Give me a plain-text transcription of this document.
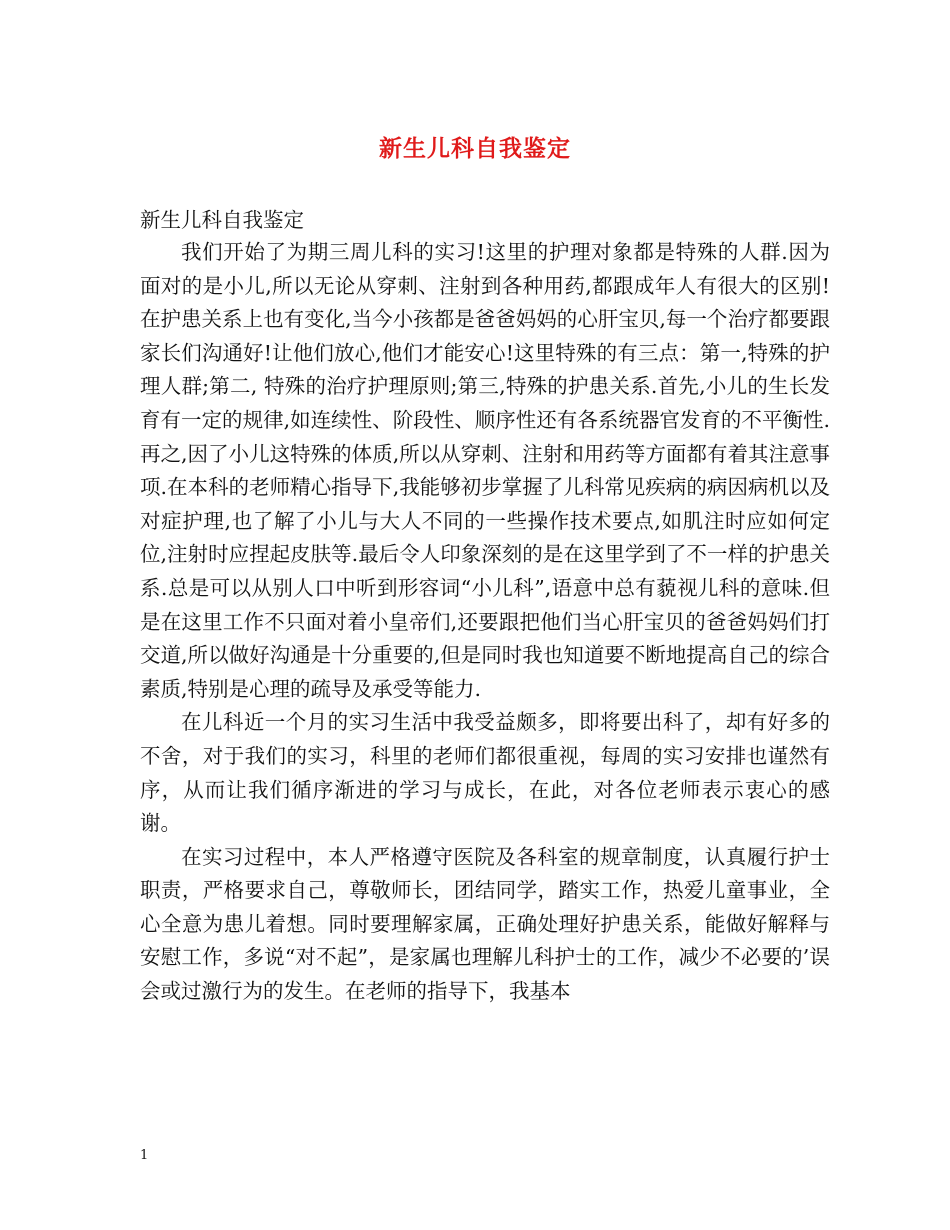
新生儿科自我鉴定

新生儿科自我鉴定

我们开始了为期三周儿科的实习!这里的护理对象都是特殊的人群.因为面对的是小儿,所以无论从穿刺、注射到各种用药,都跟成年人有很大的区别!在护患关系上也有变化,当今小孩都是爸爸妈妈的心肝宝贝,每一个治疗都要跟家长们沟通好!让他们放心,他们才能安心!这里特殊的有三点：第一,特殊的护理人群;第二, 特殊的治疗护理原则;第三,特殊的护患关系.首先,小儿的生长发育有一定的规律,如连续性、阶段性、顺序性还有各系统器官发育的不平衡性.　再之,因了小儿这特殊的体质,所以从穿刺、注射和用药等方面都有着其注意事项.在本科的老师精心指导下,我能够初步掌握了儿科常见疾病的病因病机以及对症护理,也了解了小儿与大人不同的一些操作技术要点,如肌注时应如何定位,注射时应捏起皮肤等.最后令人印象深刻的是在这里学到了不一样的护患关系.总是可以从别人口中听到形容词“小儿科”,语意中总有藐视儿科的意味.但是在这里工作不只面对着小皇帝们,还要跟把他们当心肝宝贝的爸爸妈妈们打交道,所以做好沟通是十分重要的,但是同时我也知道要不断地提高自己的综合素质,特别是心理的疏导及承受等能力.

在儿科近一个月的实习生活中我受益颇多，即将要出科了，却有好多的不舍，对于我们的实习，科里的老师们都很重视，每周的实习安排也谨然有序，从而让我们循序渐进的学习与成长，在此，对各位老师表示衷心的感谢。

在实习过程中，本人严格遵守医院及各科室的规章制度，认真履行护士职责，严格要求自己，尊敬师长，团结同学，踏实工作，热爱儿童事业，全心全意为患儿着想。同时要理解家属，正确处理好护患关系，能做好解释与安慰工作，多说“对不起”，是家属也理解儿科护士的工作，减少不必要的’误会或过激行为的发生。在老师的指导下，我基本

1
